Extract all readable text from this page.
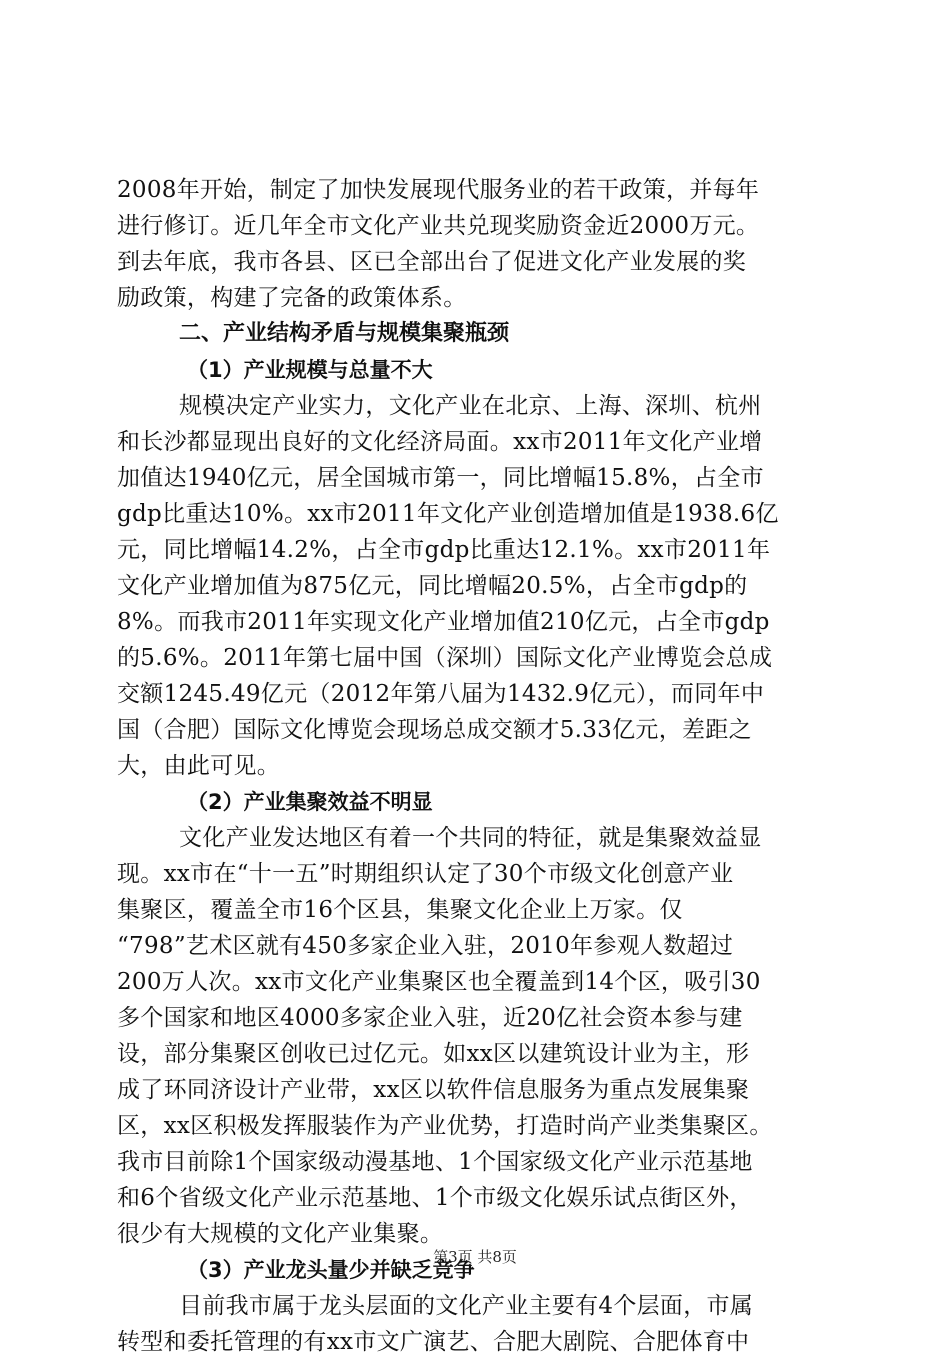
2008年开始，制定了加快发展现代服务业的若干政策，并每年
进行修订。近几年全市文化产业共兑现奖励资金近2000万元。
到去年底，我市各县、区已全部出台了促进文化产业发展的奖
励政策，构建了完备的政策体系。
二、产业结构矛盾与规模集聚瓶颈
（1）产业规模与总量不大
规模决定产业实力，文化产业在北京、上海、深圳、杭州
和长沙都显现出良好的文化经济局面。xx市2011年文化产业增
加值达1940亿元，居全国城市第一，同比增幅15.8%，占全市
gdp比重达10%。xx市2011年文化产业创造增加值是1938.6亿
元，同比增幅14.2%，占全市gdp比重达12.1%。xx市2011年
文化产业增加值为875亿元，同比增幅20.5%，占全市gdp的
8%。而我市2011年实现文化产业增加值210亿元，占全市gdp
的5.6%。2011年第七届中国（深圳）国际文化产业博览会总成
交额1245.49亿元（2012年第八届为1432.9亿元），而同年中
国（合肥）国际文化博览会现场总成交额才5.33亿元，差距之
大，由此可见。
（2）产业集聚效益不明显
文化产业发达地区有着一个共同的特征，就是集聚效益显
现。xx市在“十一五”时期组织认定了30个市级文化创意产业
集聚区，覆盖全市16个区县，集聚文化企业上万家。仅
“798”艺术区就有450多家企业入驻，2010年参观人数超过
200万人次。xx市文化产业集聚区也全覆盖到14个区，吸引30
多个国家和地区4000多家企业入驻，近20亿社会资本参与建
设，部分集聚区创收已过亿元。如xx区以建筑设计业为主，形
成了环同济设计产业带，xx区以软件信息服务为重点发展集聚
区，xx区积极发挥服装作为产业优势，打造时尚产业类集聚区。
我市目前除1个国家级动漫基地、1个国家级文化产业示范基地
和6个省级文化产业示范基地、1个市级文化娱乐试点街区外，
很少有大规模的文化产业集聚。
（3）产业龙头量少并缺乏竞争
目前我市属于龙头层面的文化产业主要有4个层面，市属
转型和委托管理的有xx市文广演艺、合肥大剧院、合肥体育中
第3页 共8页
